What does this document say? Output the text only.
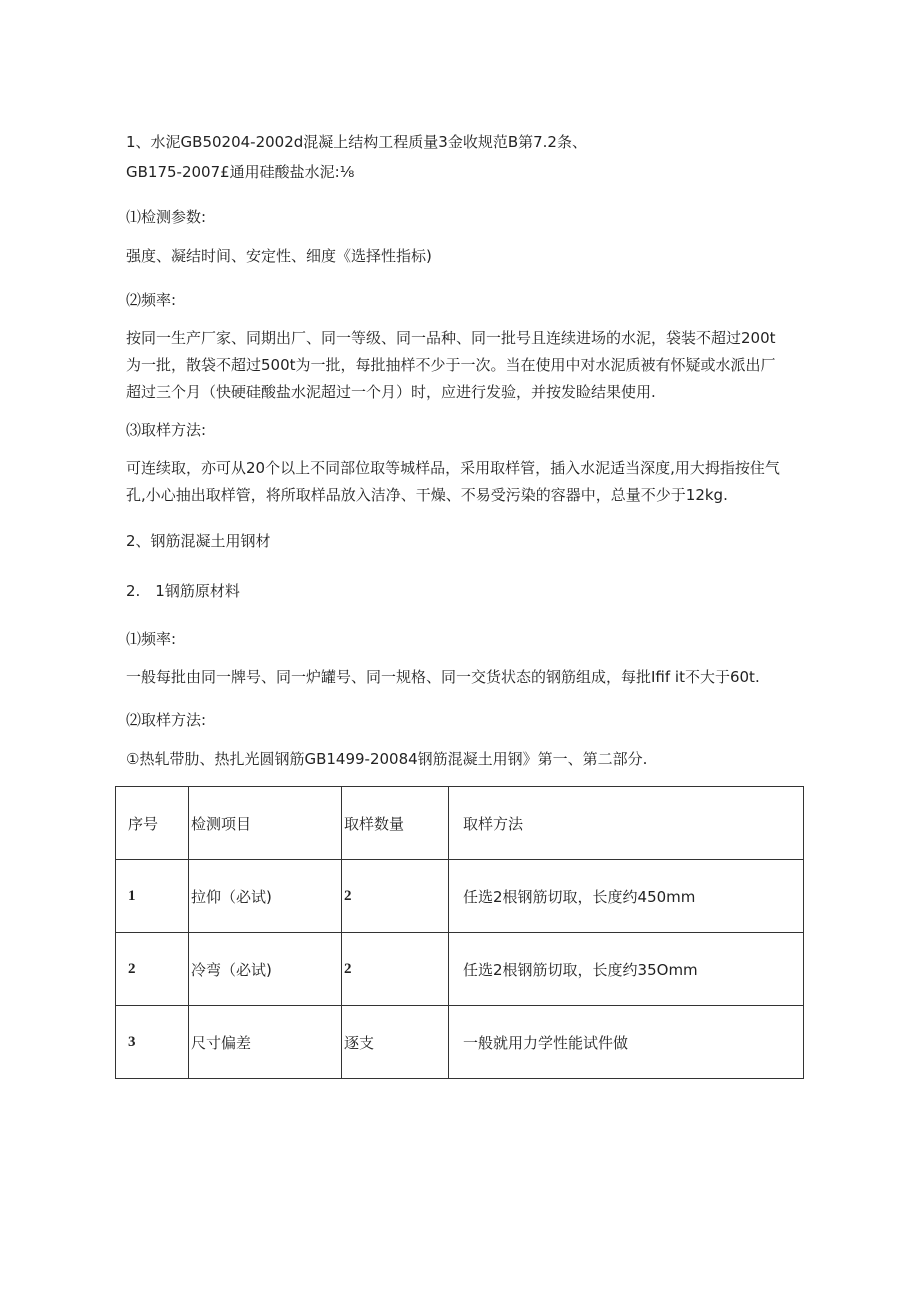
1、水泥GB50204-2002d混凝上结构工程质量3金收规范B第7.2条、

GB175-2007£通用硅酸盐水泥:⅛

⑴检测参数:

强度、凝结时间、安定性、细度《选择性指标)

⑵频率:

按同一生产厂家、同期出厂、同一等级、同一品种、同一批号且连续进场的水泥，袋装不超过200t

为一批，散袋不超过500t为一批，每批抽样不少于一次。当在使用中对水泥质被有怀疑或水派出厂

超过三个月（快硬硅酸盐水泥超过一个月）时，应进行发验，并按发睑结果使用.

⑶取样方法:

可连续取，亦可从20个以上不同部位取等城样品，采用取样管，插入水泥适当深度,用大拇指按住气

孔,小心抽出取样管，将所取样品放入洁净、干燥、不易受污染的容器中，总量不少于12kg.

2、钢筋混凝土用钢材

2.　1钢筋原材料

⑴频率:

一般每批由同一牌号、同一炉罐号、同一规格、同一交货状态的钢筋组成，每批Ifif it不大于60t.

⑵取样方法:

①热轧带肋、热扎光圆钢筋GB1499-20084钢筋混凝土用钢》第一、第二部分.

序号	检测项目	取样数量	取样方法
1	拉仰（必试)	2	任选2根钢筋切取，长度约450mm
2	冷弯（必试)	2	任选2根钢筋切取，长度约35Omm
3	尺寸偏差	逐支	一般就用力学性能试件做
